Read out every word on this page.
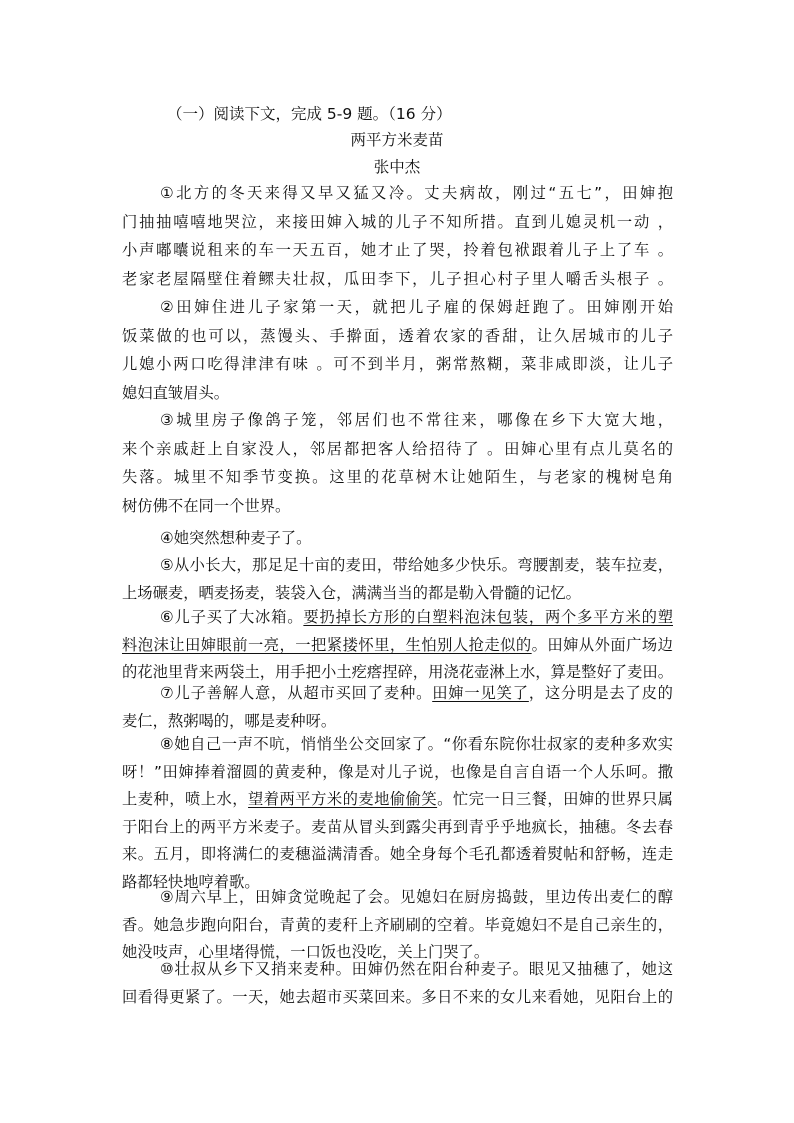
（一）阅读下文，完成 5-9 题。（16 分）
两平方米麦苗
张中杰
①北方的冬天来得又早又猛又冷。丈夫病故，刚过“五七”，田婶抱
门抽抽嘻嘻地哭泣，来接田婶入城的儿子不知所措。直到儿媳灵机一动 ，
小声嘟囔说租来的车一天五百，她才止了哭，拎着包袱跟着儿子上了车 。
老家老屋隔壁住着鳏夫壮叔，瓜田李下，儿子担心村子里人嚼舌头根子 。
②田婶住进儿子家第一天，就把儿子雇的保姆赶跑了。田婶刚开始
饭菜做的也可以，蒸馒头、手擀面，透着农家的香甜，让久居城市的儿子
儿媳小两口吃得津津有味 。可不到半月，粥常熬糊，菜非咸即淡，让儿子
媳妇直皱眉头。
③城里房子像鸽子笼，邻居们也不常往来，哪像在乡下大宽大地，
来个亲戚赶上自家没人，邻居都把客人给招待了 。田婶心里有点儿莫名的
失落。城里不知季节变换。这里的花草树木让她陌生，与老家的槐树皂角
树仿佛不在同一个世界。
④她突然想种麦子了。
⑤从小长大，那足足十亩的麦田，带给她多少快乐。弯腰割麦，装车拉麦，
上场碾麦，晒麦扬麦，装袋入仓，满满当当的都是勒入骨髓的记忆。
⑥儿子买了大冰箱。要扔掉长方形的白塑料泡沫包装，两个多平方米的塑
料泡沫让田婶眼前一亮，一把紧搂怀里，生怕别人抢走似的。田婶从外面广场边
的花池里背来两袋土，用手把小土疙瘩捏碎，用浇花壶淋上水，算是整好了麦田。
⑦儿子善解人意，从超市买回了麦种。田婶一见笑了，这分明是去了皮的
麦仁，熬粥喝的，哪是麦种呀。
⑧她自己一声不吭，悄悄坐公交回家了。“你看东院你壮叔家的麦种多欢实
呀！”田婶捧着溜圆的黄麦种，像是对儿子说，也像是自言自语一个人乐呵。撒
上麦种，喷上水，望着两平方米的麦地偷偷笑。忙完一日三餐，田婶的世界只属
于阳台上的两平方米麦子。麦苗从冒头到露尖再到青乎乎地疯长，抽穗。冬去春
来。五月，即将满仁的麦穗溢满清香。她全身每个毛孔都透着熨帖和舒畅，连走
路都轻快地哼着歌。
⑨周六早上，田婶贪觉晚起了会。见媳妇在厨房捣鼓，里边传出麦仁的醇
香。她急步跑向阳台，青黄的麦秆上齐刷刷的空着。毕竟媳妇不是自己亲生的，
她没吱声，心里堵得慌，一口饭也没吃，关上门哭了。
⑩壮叔从乡下又捎来麦种。田婶仍然在阳台种麦子。眼见又抽穗了，她这
回看得更紧了。一天，她去超市买菜回来。多日不来的女儿来看她，见阳台上的
